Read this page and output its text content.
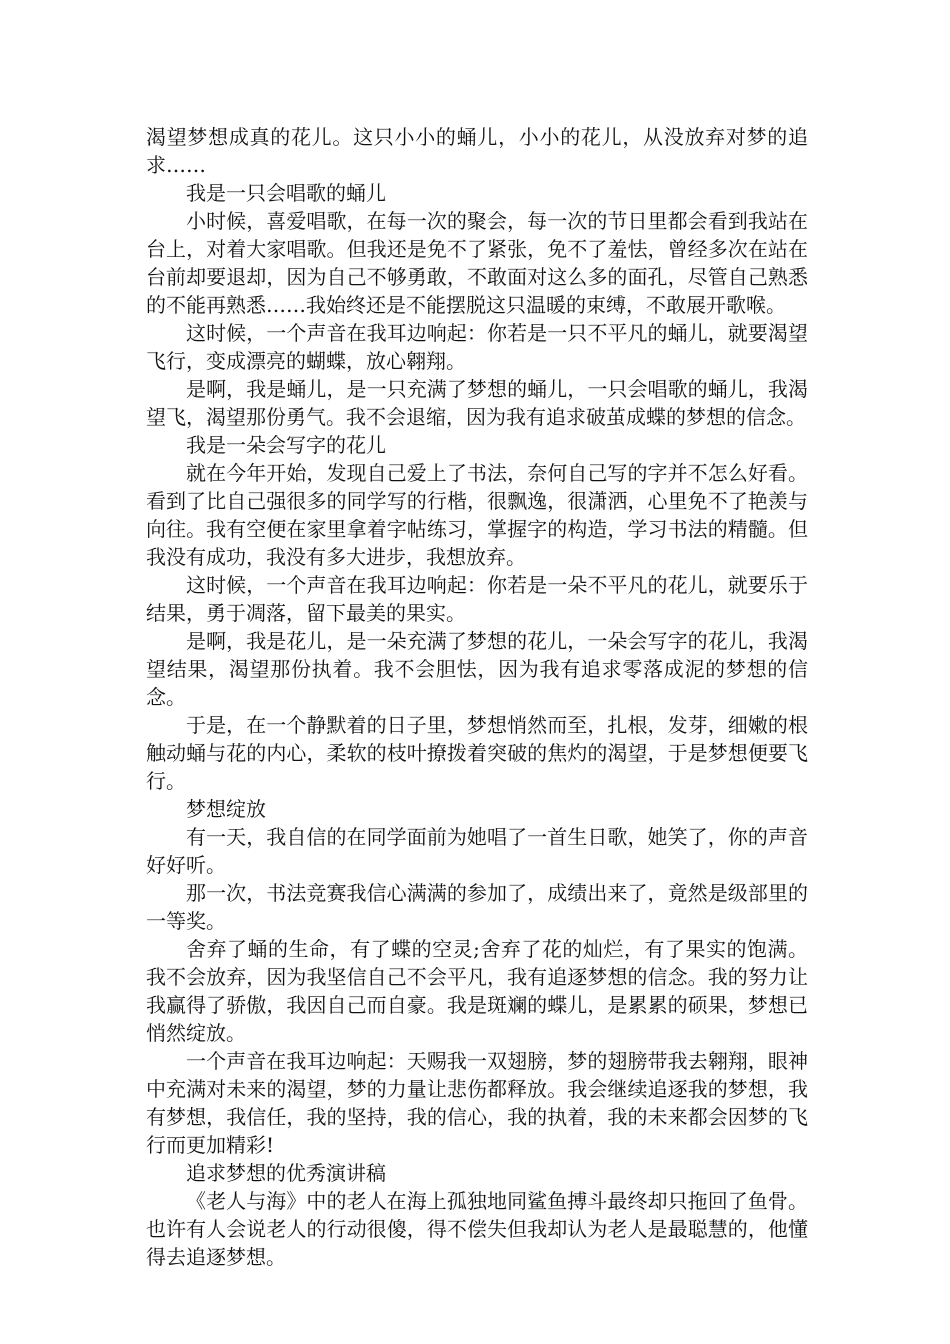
渴望梦想成真的花儿。这只小小的蛹儿，小小的花儿，从没放弃对梦的追求……

我是一只会唱歌的蛹儿

小时候，喜爱唱歌，在每一次的聚会，每一次的节日里都会看到我站在台上，对着大家唱歌。但我还是免不了紧张，免不了羞怯，曾经多次在站在台前却要退却，因为自己不够勇敢，不敢面对这么多的面孔，尽管自己熟悉的不能再熟悉……我始终还是不能摆脱这只温暖的束缚，不敢展开歌喉。

这时候，一个声音在我耳边响起：你若是一只不平凡的蛹儿，就要渴望飞行，变成漂亮的蝴蝶，放心翱翔。

是啊，我是蛹儿，是一只充满了梦想的蛹儿，一只会唱歌的蛹儿，我渴望飞，渴望那份勇气。我不会退缩，因为我有追求破茧成蝶的梦想的信念。

我是一朵会写字的花儿

就在今年开始，发现自己爱上了书法，奈何自己写的字并不怎么好看。看到了比自己强很多的同学写的行楷，很飘逸，很潇洒，心里免不了艳羡与向往。我有空便在家里拿着字帖练习，掌握字的构造，学习书法的精髓。但我没有成功，我没有多大进步，我想放弃。

这时候，一个声音在我耳边响起：你若是一朵不平凡的花儿，就要乐于结果，勇于凋落，留下最美的果实。

是啊，我是花儿，是一朵充满了梦想的花儿，一朵会写字的花儿，我渴望结果，渴望那份执着。我不会胆怯，因为我有追求零落成泥的梦想的信念。

于是，在一个静默着的日子里，梦想悄然而至，扎根，发芽，细嫩的根触动蛹与花的内心，柔软的枝叶撩拨着突破的焦灼的渴望，于是梦想便要飞行。

梦想绽放

有一天，我自信的在同学面前为她唱了一首生日歌，她笑了，你的声音好好听。

那一次，书法竞赛我信心满满的参加了，成绩出来了，竟然是级部里的一等奖。

舍弃了蛹的生命，有了蝶的空灵;舍弃了花的灿烂，有了果实的饱满。我不会放弃，因为我坚信自己不会平凡，我有追逐梦想的信念。我的努力让我赢得了骄傲，我因自己而自豪。我是斑斓的蝶儿，是累累的硕果，梦想已悄然绽放。

一个声音在我耳边响起：天赐我一双翅膀，梦的翅膀带我去翱翔，眼神中充满对未来的渴望，梦的力量让悲伤都释放。我会继续追逐我的梦想，我有梦想，我信任，我的坚持，我的信心，我的执着，我的未来都会因梦的飞行而更加精彩!

追求梦想的优秀演讲稿

《老人与海》中的老人在海上孤独地同鲨鱼搏斗最终却只拖回了鱼骨。也许有人会说老人的行动很傻，得不偿失但我却认为老人是最聪慧的，他懂得去追逐梦想。
